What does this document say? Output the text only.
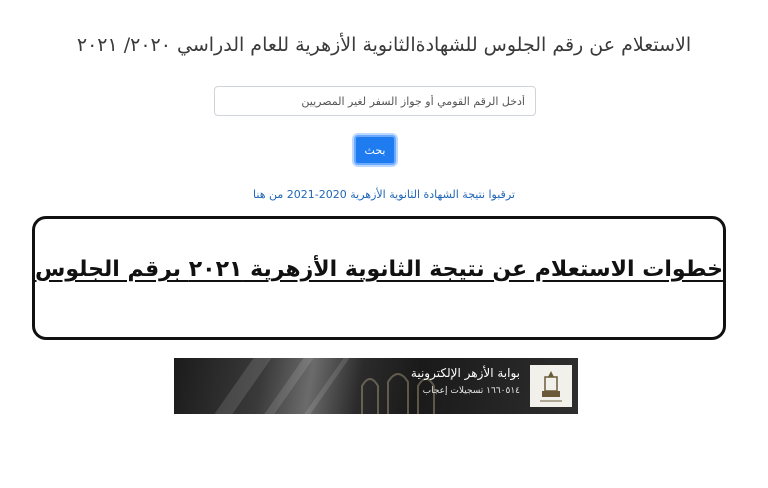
الاستعلام عن رقم الجلوس للشهادةالثانوية الأزهرية للعام الدراسي ٢٠٢٠/ ٢٠٢١
أدخل الرقم القومي أو جواز السفر لغير المصريين
بحث
ترقبوا نتيجة الشهادة الثانوية الأزهرية 2020-2021 من هنا
خطوات الاستعلام عن نتيجة الثانوية الأزهرية ٢٠٢١ برقم الجلوس
بوابة الأزهر الإلكترونية
١٦٦٠٥١٤ تسجيلات إعجاب
